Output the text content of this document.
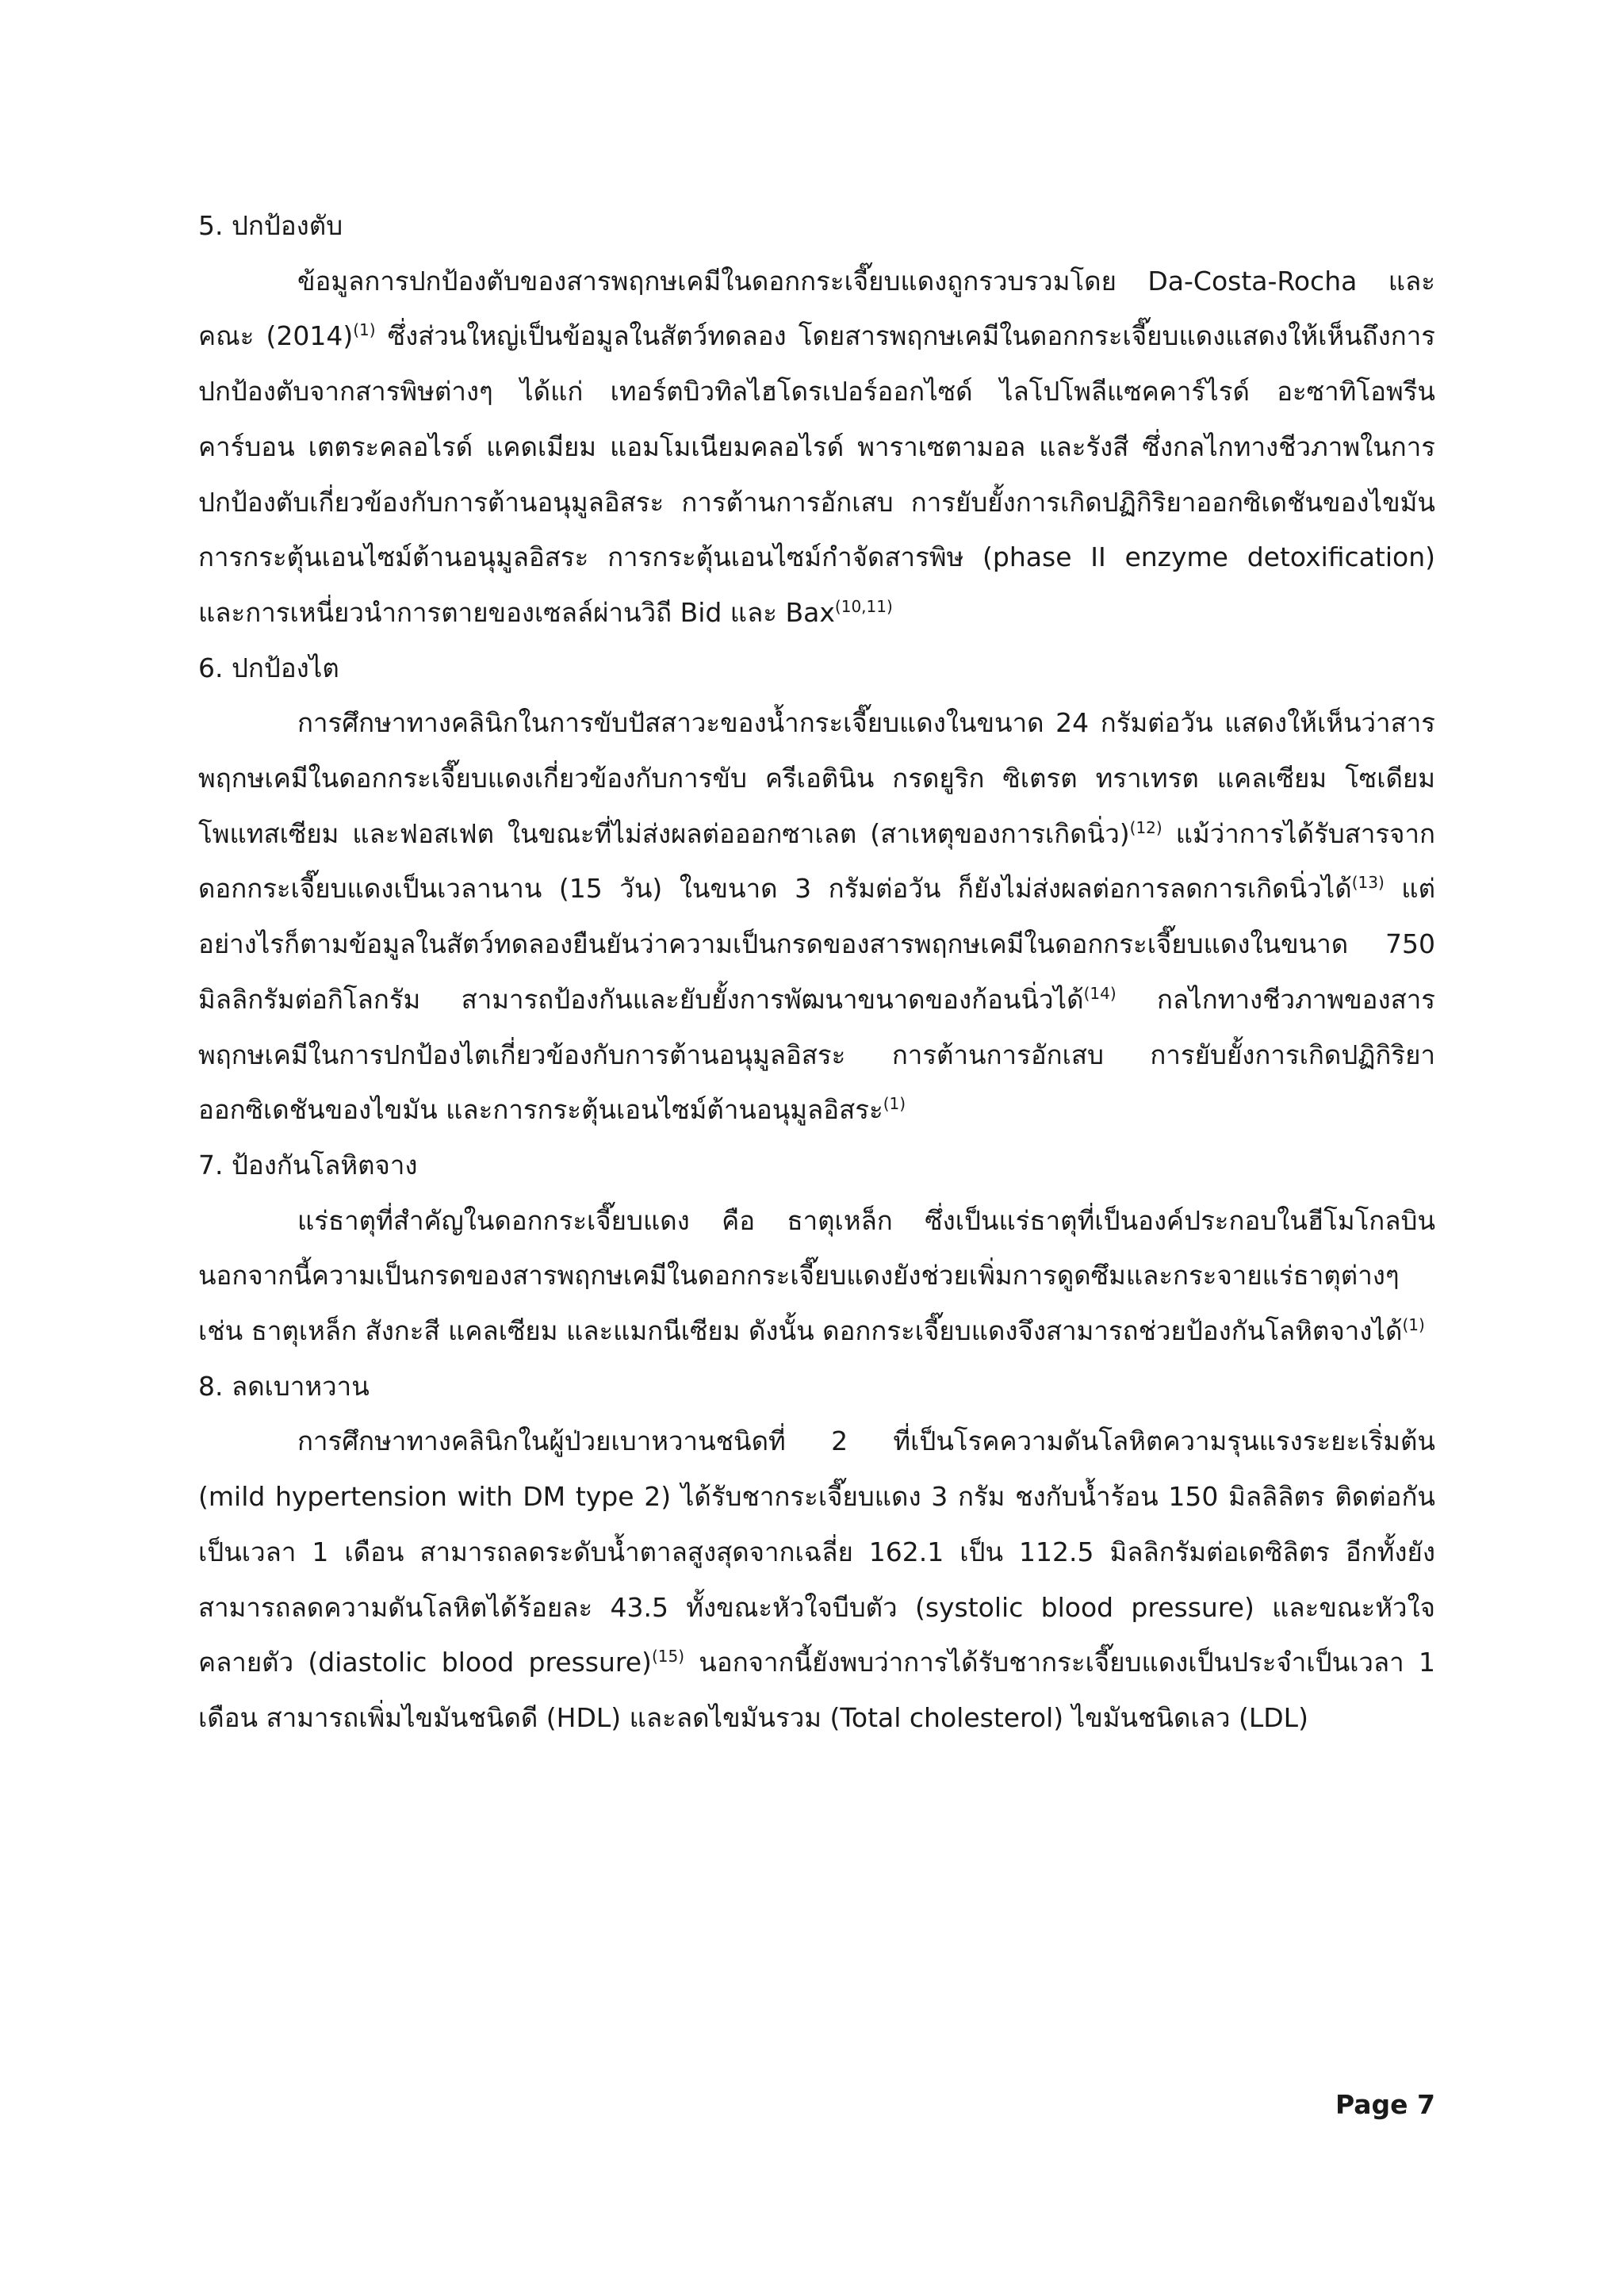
5. ปกป้องตับ

ข้อมูลการปกป้องตับของสารพฤกษเคมีในดอกกระเจี๊ยบแดงถูกรวบรวมโดย Da-Costa-Rocha และคณะ $(2014)^{(1)}$ ซึ่งส่วนใหญ่เป็นข้อมูลในสัตว์ทดลอง โดยสารพฤกษเคมีในดอกกระเจี๊ยบแดงแสดงให้เห็นถึงการปกป้องตับจากสารพิษต่างๆ ได้แก่ เทอร์ตบิวทิลไฮโดรเปอร์ออกไซด์ ไลโปโพลีแซคคาร์ไรด์ อะซาทิโอพรีน คาร์บอน เตตระคลอไรด์ แคดเมียม แอมโมเนียมคลอไรด์ พาราเซตามอล และรังสี ซึ่งกลไกทางชีวภาพในการปกป้องตับเกี่ยวข้องกับการต้านอนุมูลอิสระ การต้านการอักเสบ การยับยั้งการเกิดปฏิกิริยาออกซิเดชันของไขมัน การกระตุ้นเอนไซม์ต้านอนุมูลอิสระ การกระตุ้นเอนไซม์กำจัดสารพิษ (phase II enzyme detoxification) และการเหนี่ยวนำการตายของเซลล์ผ่านวิถี Bid และ Bax$^{(10,11)}$

6. ปกป้องไต

การศึกษาทางคลินิกในการขับปัสสาวะของน้ำกระเจี๊ยบแดงในขนาด 24 กรัมต่อวัน แสดงให้เห็นว่าสารพฤกษเคมีในดอกกระเจี๊ยบแดงเกี่ยวข้องกับการขับ ครีเอตินิน กรดยูริก ซิเตรต ทราเทรต แคลเซียม โซเดียม โพแทสเซียม และฟอสเฟต ในขณะที่ไม่ส่งผลต่อออกซาเลต (สาเหตุของการเกิดนิ่ว)$^{(12)}$ แม้ว่าการได้รับสารจากดอกกระเจี๊ยบแดงเป็นเวลานาน (15 วัน) ในขนาด 3 กรัมต่อวัน ก็ยังไม่ส่งผลต่อการลดการเกิดนิ่วได้$^{(13)}$ แต่อย่างไรก็ตามข้อมูลในสัตว์ทดลองยืนยันว่าความเป็นกรดของสารพฤกษเคมีในดอกกระเจี๊ยบแดงในขนาด 750 มิลลิกรัมต่อกิโลกรัม สามารถป้องกันและยับยั้งการพัฒนาขนาดของก้อนนิ่วได้$^{(14)}$ กลไกทางชีวภาพของสารพฤกษเคมีในการปกป้องไตเกี่ยวข้องกับการต้านอนุมูลอิสระ การต้านการอักเสบ การยับยั้งการเกิดปฏิกิริยาออกซิเดชันของไขมัน และการกระตุ้นเอนไซม์ต้านอนุมูลอิสระ$^{(1)}$

7. ป้องกันโลหิตจาง

แร่ธาตุที่สำคัญในดอกกระเจี๊ยบแดง คือ ธาตุเหล็ก ซึ่งเป็นแร่ธาตุที่เป็นองค์ประกอบในฮีโมโกลบิน นอกจากนี้ความเป็นกรดของสารพฤกษเคมีในดอกกระเจี๊ยบแดงยังช่วยเพิ่มการดูดซึมและกระจายแร่ธาตุต่างๆ เช่น ธาตุเหล็ก สังกะสี แคลเซียม และแมกนีเซียม ดังนั้น ดอกกระเจี๊ยบแดงจึงสามารถช่วยป้องกันโลหิตจางได้$^{(1)}$

8. ลดเบาหวาน

การศึกษาทางคลินิกในผู้ป่วยเบาหวานชนิดที่ 2 ที่เป็นโรคความดันโลหิตความรุนแรงระยะเริ่มต้น (mild hypertension with DM type 2) ได้รับชากระเจี๊ยบแดง 3 กรัม ชงกับน้ำร้อน 150 มิลลิลิตร ติดต่อกันเป็นเวลา 1 เดือน สามารถลดระดับน้ำตาลสูงสุดจากเฉลี่ย 162.1 เป็น 112.5 มิลลิกรัมต่อเดซิลิตร อีกทั้งยังสามารถลดความดันโลหิตได้ร้อยละ 43.5 ทั้งขณะหัวใจบีบตัว (systolic blood pressure) และขณะหัวใจคลายตัว (diastolic blood pressure)$^{(15)}$ นอกจากนี้ยังพบว่าการได้รับชากระเจี๊ยบแดงเป็นประจำเป็นเวลา 1 เดือน สามารถเพิ่มไขมันชนิดดี (HDL) และลดไขมันรวม (Total cholesterol) ไขมันชนิดเลว (LDL)

Page 7
